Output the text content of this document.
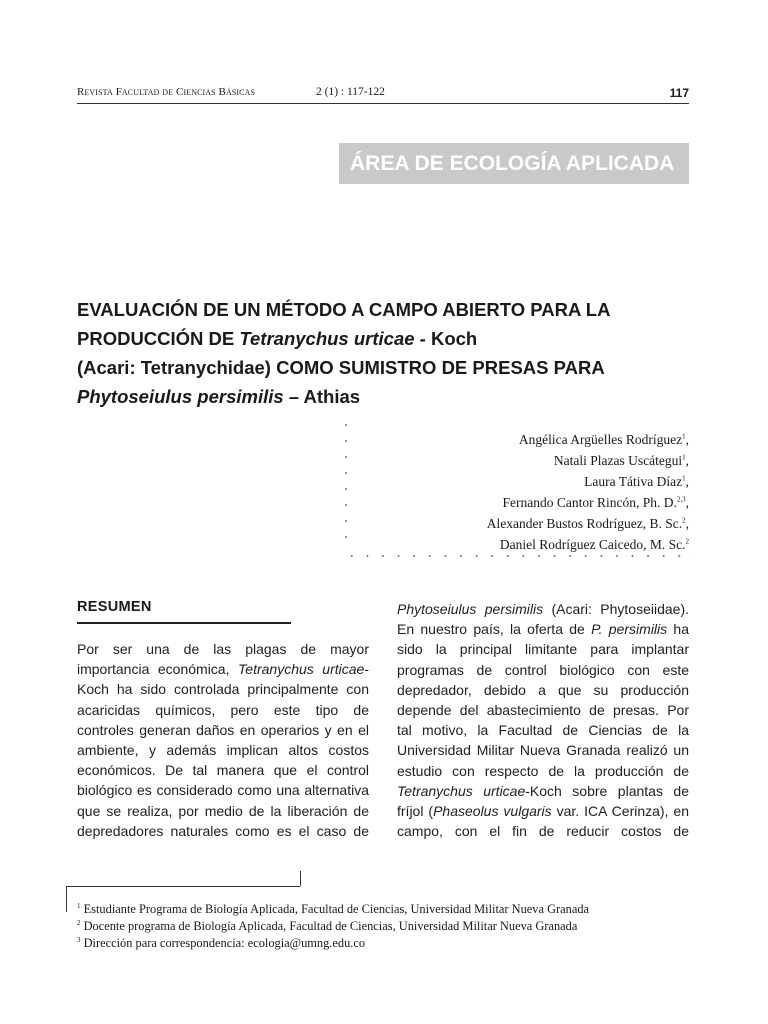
Revista Facultad de Ciencias Básicas	2 (1) : 117-122	117
ÁREA DE ECOLOGÍA APLICADA
EVALUACIÓN DE UN MÉTODO A CAMPO ABIERTO PARA LA
PRODUCCIÓN DE Tetranychus urticae - Koch
(Acari: Tetranychidae) COMO SUMISTRO DE PRESAS PARA
Phytoseiulus persimilis – Athias
Angélica Argüelles Rodríguez$^1$,
Natali Plazas Uscátegui$^1$,
Laura Tátiva Díaz$^1$,
Fernando Cantor Rincón, Ph. D.$^{2,3}$,
Alexander Bustos Rodríguez, B. Sc.$^2$,
Daniel Rodríguez Caicedo, M. Sc.$^2$
RESUMEN
Por ser una de las plagas de mayor
importancia económica, Tetranychus urticae-
Koch ha sido controlada principalmente con
acaricidas químicos, pero este tipo de
controles generan daños en operarios y en el
ambiente, y además implican altos costos
económicos. De tal manera que el control
biológico es considerado como una alternativa
que se realiza, por medio de la liberación de
depredadores naturales como es el caso de
Phytoseiulus persimilis (Acari: Phytoseiidae).
En nuestro país, la oferta de P. persimilis ha
sido la principal limitante para implantar
programas de control biológico con este
depredador, debido a que su producción
depende del abastecimiento de presas. Por
tal motivo, la Facultad de Ciencias de la
Universidad Militar Nueva Granada realizó un
estudio con respecto de la producción de
Tetranychus urticae-Koch sobre plantas de
fríjol (Phaseolus vulgaris var. ICA Cerinza), en
campo, con el fin de reducir costos de
$^1$ Estudiante Programa de Biología Aplicada, Facultad de Ciencias, Universidad Militar Nueva Granada
$^2$ Docente programa de Biología Aplicada, Facultad de Ciencias, Universidad Militar Nueva Granada
$^3$ Dirección para correspondencia: ecologia@umng.edu.co
